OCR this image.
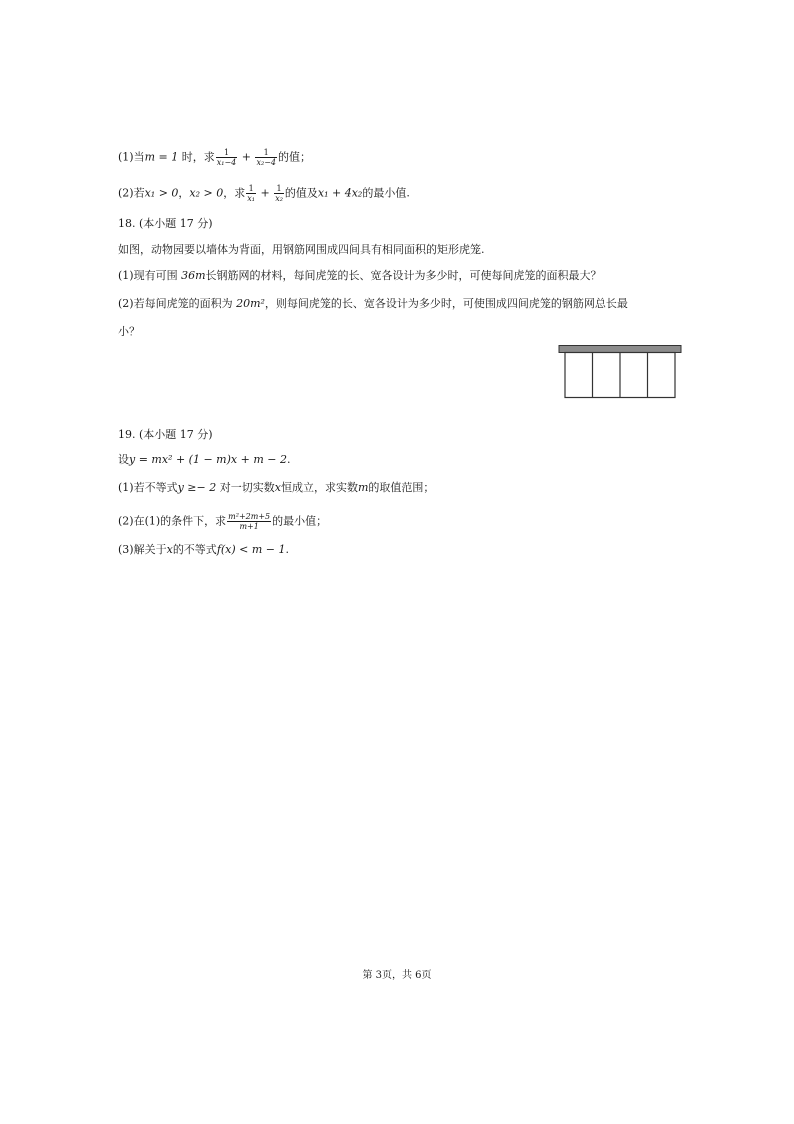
(1)当m = 1 时，求 $\frac{1}{\text{x₁−4}} + \frac{1}{\text{x₂−4}}$ 的值；
(2)若x₁ > 0，x₂ > 0，求 $\frac{1}{\text{x₁}} + \frac{1}{\text{x₂}}$ 的值及x₁ + 4x₂的最小值.
18. (本小题 17 分)
如图，动物园要以墙体为背面，用钢筋网围成四间具有相同面积的矩形虎笼.
(1)现有可围 36m长钢筋网的材料，每间虎笼的长、宽各设计为多少时，可使每间虎笼的面积最大？
(2)若每间虎笼的面积为 20m²，则每间虎笼的长、宽各设计为多少时，可使围成四间虎笼的钢筋网总长最
小？
19. (本小题 17 分)
设y = mx² + (1 − m)x + m − 2.
(1)若不等式y ≥− 2 对一切实数x恒成立，求实数m的取值范围；
(2)在(1)的条件下，求 $\frac{\text{m²+2m+5}}{m+1}$ 的最小值；
(3)解关于x的不等式f(x) < m − 1.
第 3页，共 6页
